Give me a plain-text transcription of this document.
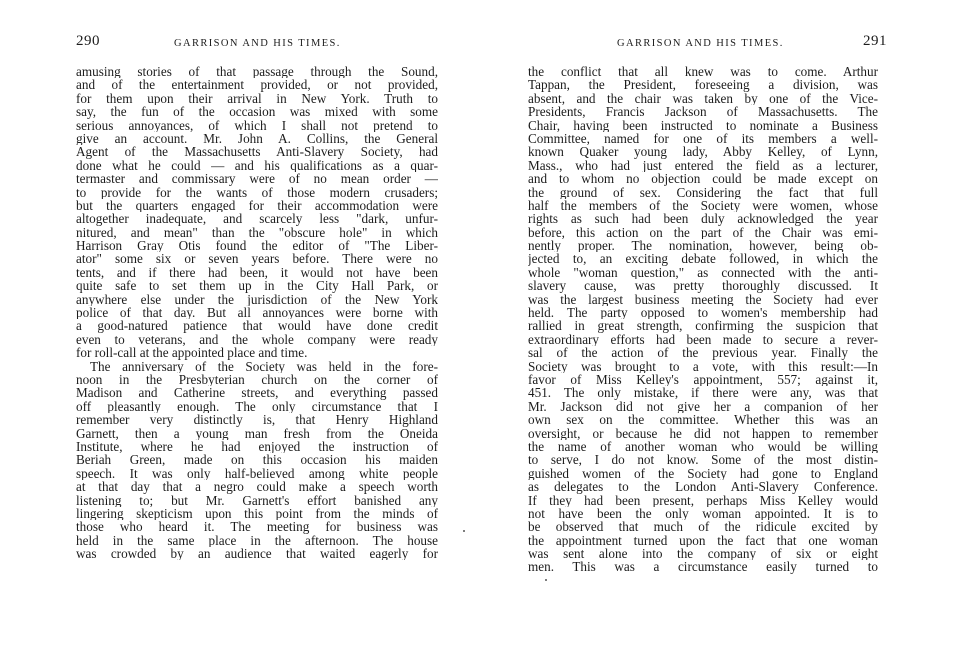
290	GARRISON AND HIS TIMES.
amusing stories of that passage through the Sound,
and of the entertainment provided, or not provided,
for them upon their arrival in New York. Truth to
say, the fun of the occasion was mixed with some
serious annoyances, of which I shall not pretend to
give an account. Mr. John A. Collins, the General
Agent of the Massachusetts Anti-Slavery Society, had
done what he could — and his qualifications as a quar-
termaster and commissary were of no mean order —
to provide for the wants of those modern crusaders;
but the quarters engaged for their accommodation were
altogether inadequate, and scarcely less "dark, unfur-
nitured, and mean" than the "obscure hole" in which
Harrison Gray Otis found the editor of "The Liber-
ator" some six or seven years before. There were no
tents, and if there had been, it would not have been
quite safe to set them up in the City Hall Park, or
anywhere else under the jurisdiction of the New York
police of that day. But all annoyances were borne with
a good-natured patience that would have done credit
even to veterans, and the whole company were ready
for roll-call at the appointed place and time.
The anniversary of the Society was held in the fore-
noon in the Presbyterian church on the corner of
Madison and Catherine streets, and everything passed
off pleasantly enough. The only circumstance that I
remember very distinctly is, that Henry Highland
Garnett, then a young man fresh from the Oneida
Institute, where he had enjoyed the instruction of
Beriah Green, made on this occasion his maiden
speech. It was only half-believed among white people
at that day that a negro could make a speech worth
listening to; but Mr. Garnett's effort banished any
lingering skepticism upon this point from the minds of
those who heard it. The meeting for business was
held in the same place in the afternoon. The house
was crowded by an audience that waited eagerly for
291
GARRISON AND HIS TIMES.
the conflict that all knew was to come. Arthur
Tappan, the President, foreseeing a division, was
absent, and the chair was taken by one of the Vice-
Presidents, Francis Jackson of Massachusetts. The
Chair, having been instructed to nominate a Business
Committee, named for one of its members a well-
known Quaker young lady, Abby Kelley, of Lynn,
Mass., who had just entered the field as a lecturer,
and to whom no objection could be made except on
the ground of sex. Considering the fact that full
half the members of the Society were women, whose
rights as such had been duly acknowledged the year
before, this action on the part of the Chair was emi-
nently proper. The nomination, however, being ob-
jected to, an exciting debate followed, in which the
whole "woman question," as connected with the anti-
slavery cause, was pretty thoroughly discussed. It
was the largest business meeting the Society had ever
held. The party opposed to women's membership had
rallied in great strength, confirming the suspicion that
extraordinary efforts had been made to secure a rever-
sal of the action of the previous year. Finally the
Society was brought to a vote, with this result:—In
favor of Miss Kelley's appointment, 557; against it,
451. The only mistake, if there were any, was that
Mr. Jackson did not give her a companion of her
own sex on the committee. Whether this was an
oversight, or because he did not happen to remember
the name of another woman who would be willing
to serve, I do not know. Some of the most distin-
guished women of the Society had gone to England
as delegates to the London Anti-Slavery Conference.
If they had been present, perhaps Miss Kelley would
not have been the only woman appointed. It is to
be observed that much of the ridicule excited by
the appointment turned upon the fact that one woman
was sent alone into the company of six or eight
men. This was a circumstance easily turned to
